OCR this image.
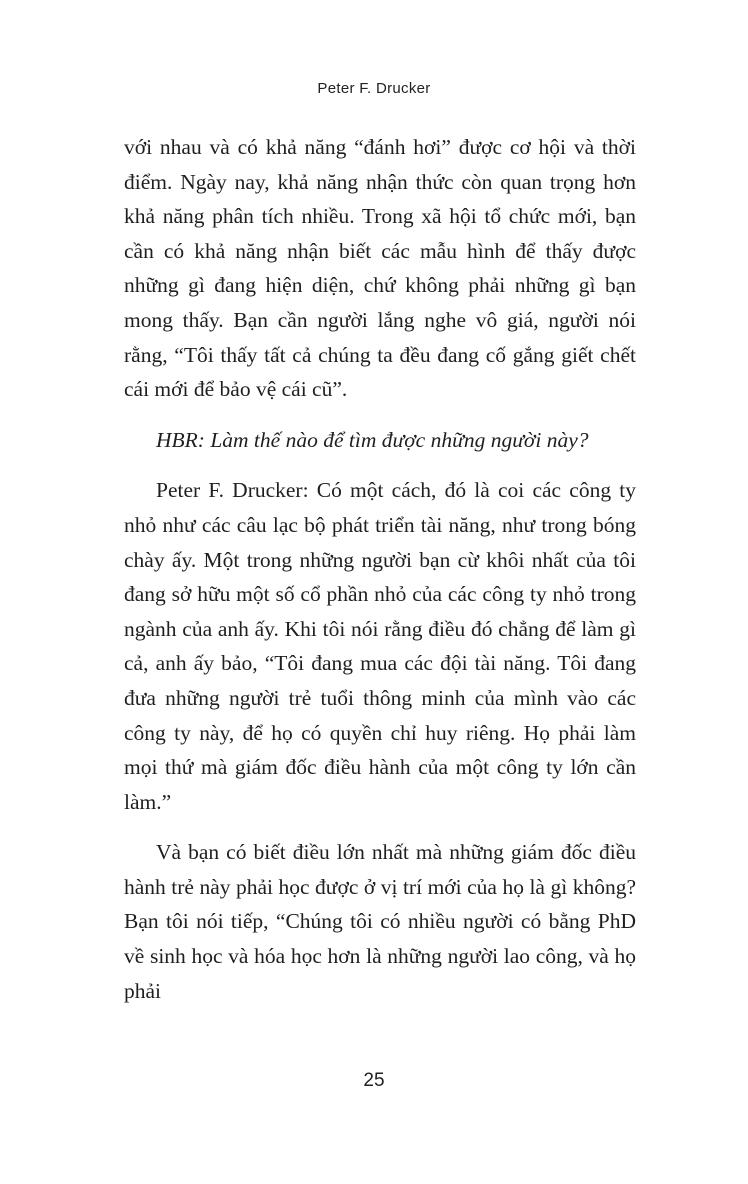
Peter F. Drucker

với nhau và có khả năng “đánh hơi” được cơ hội và thời điểm. Ngày nay, khả năng nhận thức còn quan trọng hơn khả năng phân tích nhiều. Trong xã hội tổ chức mới, bạn cần có khả năng nhận biết các mẫu hình để thấy được những gì đang hiện diện, chứ không phải những gì bạn mong thấy. Bạn cần người lắng nghe vô giá, người nói rằng, “Tôi thấy tất cả chúng ta đều đang cố gắng giết chết cái mới để bảo vệ cái cũ”.

HBR: Làm thế nào để tìm được những người này?

Peter F. Drucker: Có một cách, đó là coi các công ty nhỏ như các câu lạc bộ phát triển tài năng, như trong bóng chày ấy. Một trong những người bạn cừ khôi nhất của tôi đang sở hữu một số cổ phần nhỏ của các công ty nhỏ trong ngành của anh ấy. Khi tôi nói rằng điều đó chẳng để làm gì cả, anh ấy bảo, “Tôi đang mua các đội tài năng. Tôi đang đưa những người trẻ tuổi thông minh của mình vào các công ty này, để họ có quyền chỉ huy riêng. Họ phải làm mọi thứ mà giám đốc điều hành của một công ty lớn cần làm.”

Và bạn có biết điều lớn nhất mà những giám đốc điều hành trẻ này phải học được ở vị trí mới của họ là gì không? Bạn tôi nói tiếp, “Chúng tôi có nhiều người có bằng PhD về sinh học và hóa học hơn là những người lao công, và họ phải

25
